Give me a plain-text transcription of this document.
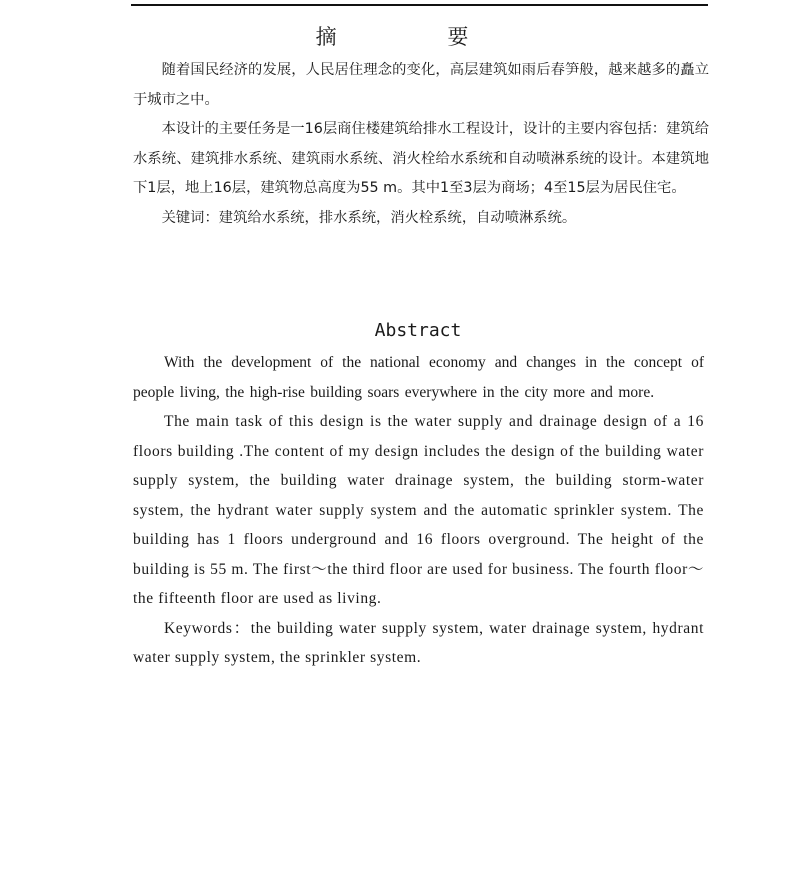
摘 要

随着国民经济的发展，人民居住理念的变化，高层建筑如雨后春笋般，越来越多的矗立于城市之中。

本设计的主要任务是一16层商住楼建筑给排水工程设计，设计的主要内容包括：建筑给水系统、建筑排水系统、建筑雨水系统、消火栓给水系统和自动喷淋系统的设计。本建筑地下1层，地上16层，建筑物总高度为55 m。其中1至3层为商场；4至15层为居民住宅。

关键词：建筑给水系统，排水系统，消火栓系统，自动喷淋系统。

Abstract

With the development of the national economy and changes in the concept of people living, the high-rise building soars everywhere in the city more and more.

The main task of this design is the water supply and drainage design of a 16 floors building .The content of my design includes the design of the building water supply system, the building water drainage system, the building storm-water system, the hydrant water supply system and the automatic sprinkler system. The building has 1 floors underground and 16 floors overground. The height of the building is 55 m. The first～the third floor are used for business. The fourth floor～the fifteenth floor are used as living.

Keywords：the building water supply system, water drainage system, hydrant water supply system, the sprinkler system.
